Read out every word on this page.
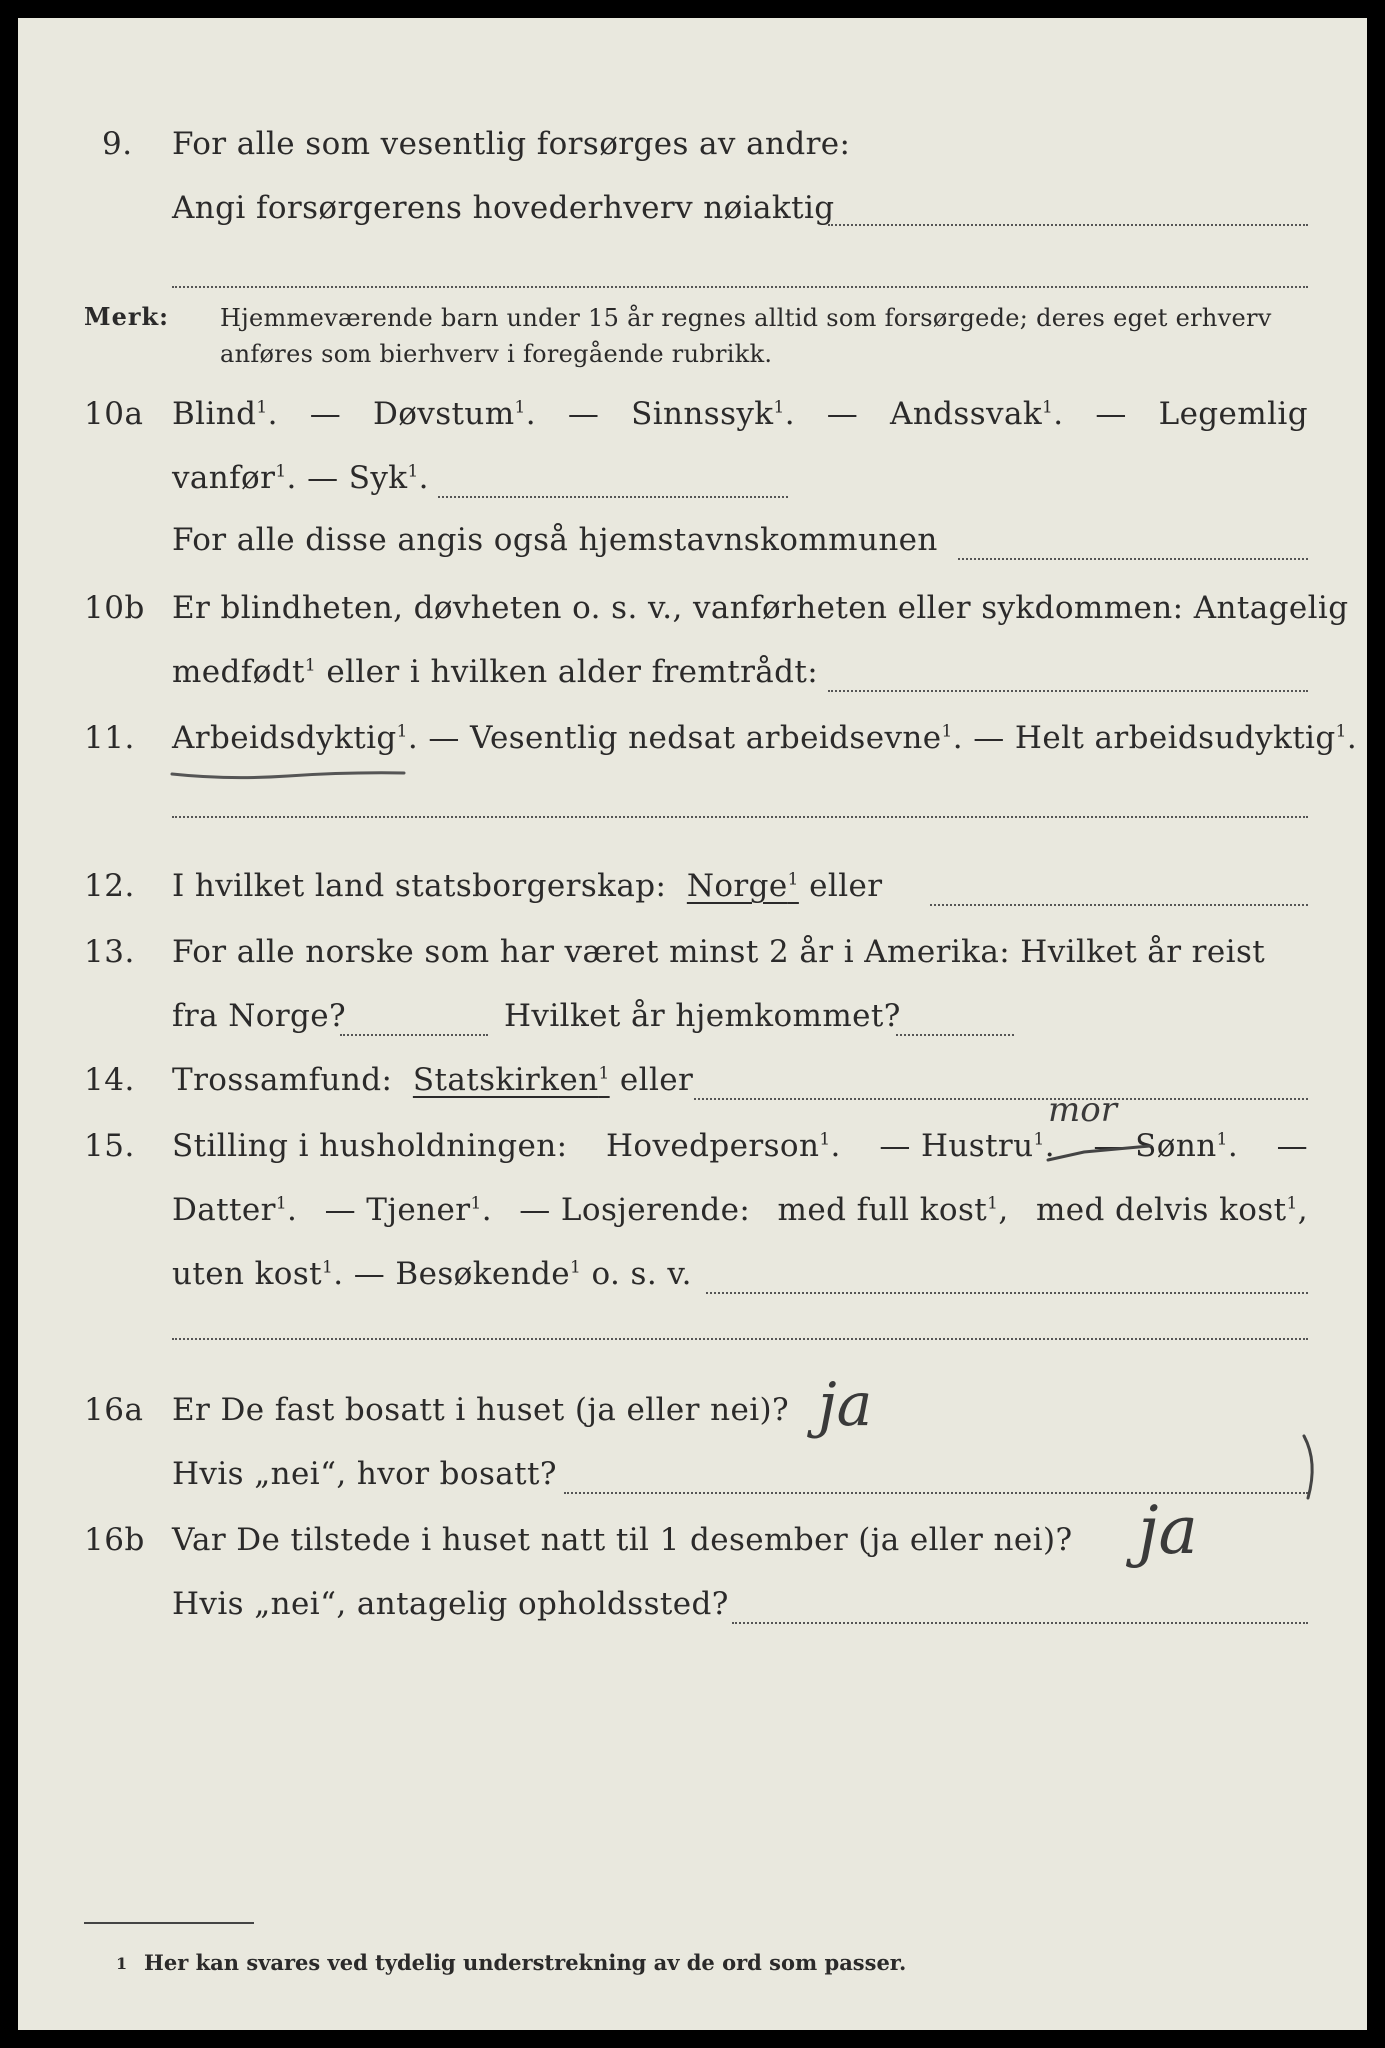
9. For alle som vesentlig forsørges av andre:
Angi forsørgerens hovederhverv nøiaktig
Merk: Hjemmeværende barn under 15 år regnes alltid som forsørgede; deres eget erhverv
anføres som bierhverv i foregående rubrikk.
10a Blind$^1$. — Døvstum$^1$. — Sinnssyk$^1$. — Andssvak$^1$. — Legemlig
vanfør$^1$. — Syk$^1$.
For alle disse angis også hjemstavnskommunen
10b Er blindheten, døvheten o. s. v., vanførheten eller sykdommen: Antagelig
medfødt$^1$ eller i hvilken alder fremtrådt:
11. Arbeidsdyktig$^1$. — Vesentlig nedsat arbeidsevne$^1$. — Helt arbeidsudyktig$^1$.
12. I hvilket land statsborgerskap: Norge$^1$ eller
13. For alle norske som har været minst 2 år i Amerika: Hvilket år reist
fra Norge?	Hvilket år hjemkommet?
14. Trossamfund: Statskirken$^1$ eller
15. Stilling i husholdningen: Hovedperson$^1$. — Hustru$^1$. — Sønn$^1$. —
mor
Datter$^1$. — Tjener$^1$. — Losjerende: med full kost$^1$, med delvis kost$^1$,
uten kost$^1$. — Besøkende$^1$ o. s. v.
16a Er De fast bosatt i huset (ja eller nei)? ja
Hvis „nei“, hvor bosatt?
16b Var De tilstede i huset natt til 1 desember (ja eller nei)? ja
Hvis „nei“, antagelig opholdssted?
1 Her kan svares ved tydelig understrekning av de ord som passer.
